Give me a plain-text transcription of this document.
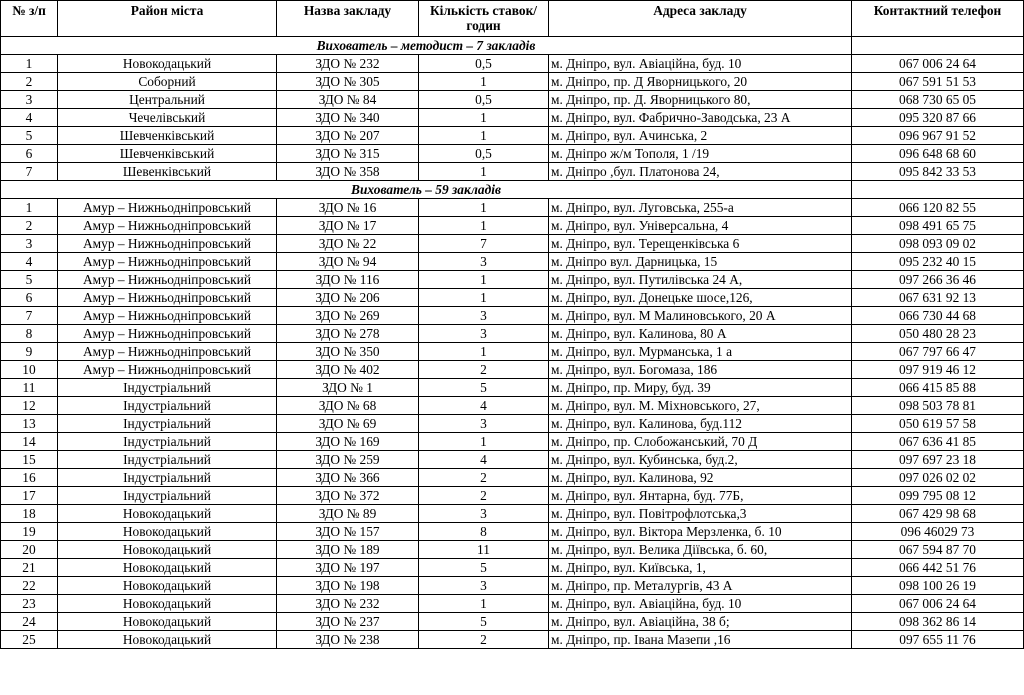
№ з/п	Район міста	Назва закладу	Кількість ставок/годин	Адреса закладу	Контактний телефон
Вихователь – методист – 7 закладів					
1	Новокодацький	ЗДО № 232	0,5	м. Дніпро, вул. Авіаційна, буд. 10	067 006 24 64
2	Соборний	ЗДО № 305	1	м. Дніпро, пр. Д Яворницького, 20	067 591 51 53
3	Центральний	ЗДО № 84	0,5	м. Дніпро, пр. Д. Яворницького 80,	068 730 65 05
4	Чечелівський	ЗДО № 340	1	м. Дніпро, вул. Фабрично-Заводська, 23 А	095 320 87 66
5	Шевченківський	ЗДО № 207	1	м. Дніпро, вул. Ачинська, 2	096 967 91 52
6	Шевченківський	ЗДО № 315	0,5	м. Дніпро ж/м Тополя, 1 /19	096 648 68 60
7	Шевенківський	ЗДО № 358	1	м. Дніпро ,бул. Платонова 24,	095 842 33 53
Вихователь – 59 закладів					
1	Амур – Нижньодніпровський	ЗДО № 16	1	м. Дніпро, вул. Луговська, 255-а	066 120 82 55
2	Амур – Нижньодніпровський	ЗДО № 17	1	м. Дніпро, вул. Універсальна, 4	098 491 65 75
3	Амур – Нижньодніпровський	ЗДО № 22	7	м. Дніпро, вул. Терещенківська 6	098 093 09 02
4	Амур – Нижньодніпровський	ЗДО № 94	3	м. Дніпро вул. Дарницька, 15	095 232 40 15
5	Амур – Нижньодніпровський	ЗДО № 116	1	м. Дніпро, вул. Путилівська 24 А,	097 266 36 46
6	Амур – Нижньодніпровський	ЗДО № 206	1	м. Дніпро, вул. Донецьке шосе,126,	067 631 92 13
7	Амур – Нижньодніпровський	ЗДО № 269	3	м. Дніпро, вул. М Малиновського, 20 А	066 730 44 68
8	Амур – Нижньодніпровський	ЗДО № 278	3	м. Дніпро, вул. Калинова, 80 А	050 480 28 23
9	Амур – Нижньодніпровський	ЗДО № 350	1	м. Дніпро, вул. Мурманська, 1 а	067 797 66 47
10	Амур – Нижньодніпровський	ЗДО № 402	2	м. Дніпро, вул. Богомаза, 186	097 919 46 12
11	Індустріальний	ЗДО № 1	5	м. Дніпро, пр. Миру, буд. 39	066 415 85 88
12	Індустріальний	ЗДО № 68	4	м. Дніпро, вул. М. Міхновського, 27,	098 503 78 81
13	Індустріальний	ЗДО № 69	3	м. Дніпро, вул. Калинова, буд.112	050 619 57 58
14	Індустріальний	ЗДО № 169	1	м. Дніпро, пр. Слобожанський, 70 Д	067 636 41 85
15	Індустріальний	ЗДО № 259	4	м. Дніпро, вул. Кубинська, буд.2,	097 697 23 18
16	Індустріальний	ЗДО № 366	2	м. Дніпро, вул. Калинова, 92	097 026 02 02
17	Індустріальний	ЗДО № 372	2	м. Дніпро, вул. Янтарна, буд. 77Б,	099 795 08 12
18	Новокодацький	ЗДО № 89	3	м. Дніпро, вул. Повітрофлотська,3	067 429 98 68
19	Новокодацький	ЗДО № 157	8	м. Дніпро, вул. Віктора Мерзленка, б. 10	096 46029 73
20	Новокодацький	ЗДО № 189	11	м. Дніпро, вул. Велика Діївська, б. 60,	067 594 87 70
21	Новокодацький	ЗДО № 197	5	м. Дніпро, вул. Київська, 1,	066 442 51 76
22	Новокодацький	ЗДО № 198	3	м. Дніпро, пр. Металургів, 43 А	098 100 26 19
23	Новокодацький	ЗДО № 232	1	м. Дніпро, вул. Авіаційна, буд. 10	067 006 24 64
24	Новокодацький	ЗДО № 237	5	м. Дніпро, вул. Авіаційна, 38 б;	098 362 86 14
25	Новокодацький	ЗДО № 238	2	м. Дніпро, пр. Івана Мазепи ,16	097 655 11 76
